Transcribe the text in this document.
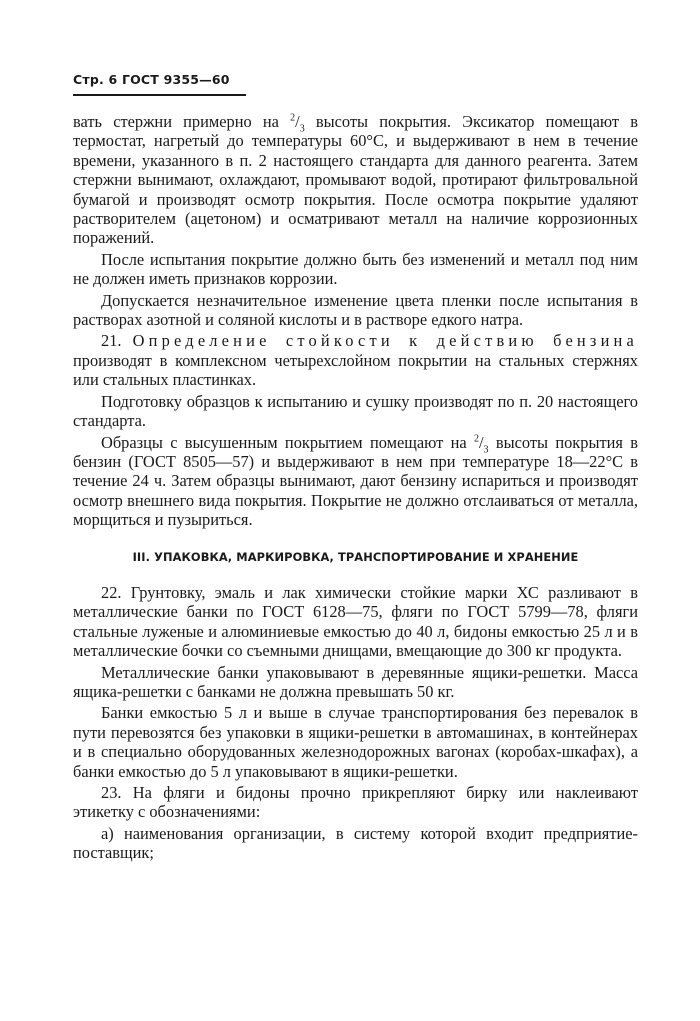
Стр. 6 ГОСТ 9355—60

вать стержни примерно на $^2/_3$ высоты покрытия. Эксикатор помещают в термостат, нагретый до температуры 60°С, и выдерживают в нем в течение времени, указанного в п. 2 настоящего стандарта для данного реагента. Затем стержни вынимают, охлаждают, промывают водой, протирают фильтровальной бумагой и производят осмотр покрытия. После осмотра покрытие удаляют растворителем (ацетоном) и осматривают металл на наличие коррозионных поражений.

После испытания покрытие должно быть без изменений и металл под ним не должен иметь признаков коррозии.

Допускается незначительное изменение цвета пленки после испытания в растворах азотной и соляной кислоты и в растворе едкого натра.

21. Определение стойкости к действию бензина производят в комплексном четырехслойном покрытии на стальных стержнях или стальных пластинках.

Подготовку образцов к испытанию и сушку производят по п. 20 настоящего стандарта.

Образцы с высушенным покрытием помещают на $^2/_3$ высоты покрытия в бензин (ГОСТ 8505—57) и выдерживают в нем при температуре 18—22°С в течение 24 ч. Затем образцы вынимают, дают бензину испариться и производят осмотр внешнего вида покрытия. Покрытие не должно отслаиваться от металла, морщиться и пузыриться.

III. УПАКОВКА, МАРКИРОВКА, ТРАНСПОРТИРОВАНИЕ И ХРАНЕНИЕ

22. Грунтовку, эмаль и лак химически стойкие марки ХС разливают в металлические банки по ГОСТ 6128—75, фляги по ГОСТ 5799—78, фляги стальные луженые и алюминиевые емкостью до 40 л, бидоны емкостью 25 л и в металлические бочки со съемными днищами, вмещающие до 300 кг продукта.

Металлические банки упаковывают в деревянные ящики-решетки. Масса ящика-решетки с банками не должна превышать 50 кг.

Банки емкостью 5 л и выше в случае транспортирования без перевалок в пути перевозятся без упаковки в ящики-решетки в автомашинах, в контейнерах и в специально оборудованных железнодорожных вагонах (коробах-шкафах), а банки емкостью до 5 л упаковывают в ящики-решетки.

23. На фляги и бидоны прочно прикрепляют бирку или наклеивают этикетку с обозначениями:

а) наименования организации, в систему которой входит предприятие-поставщик;
